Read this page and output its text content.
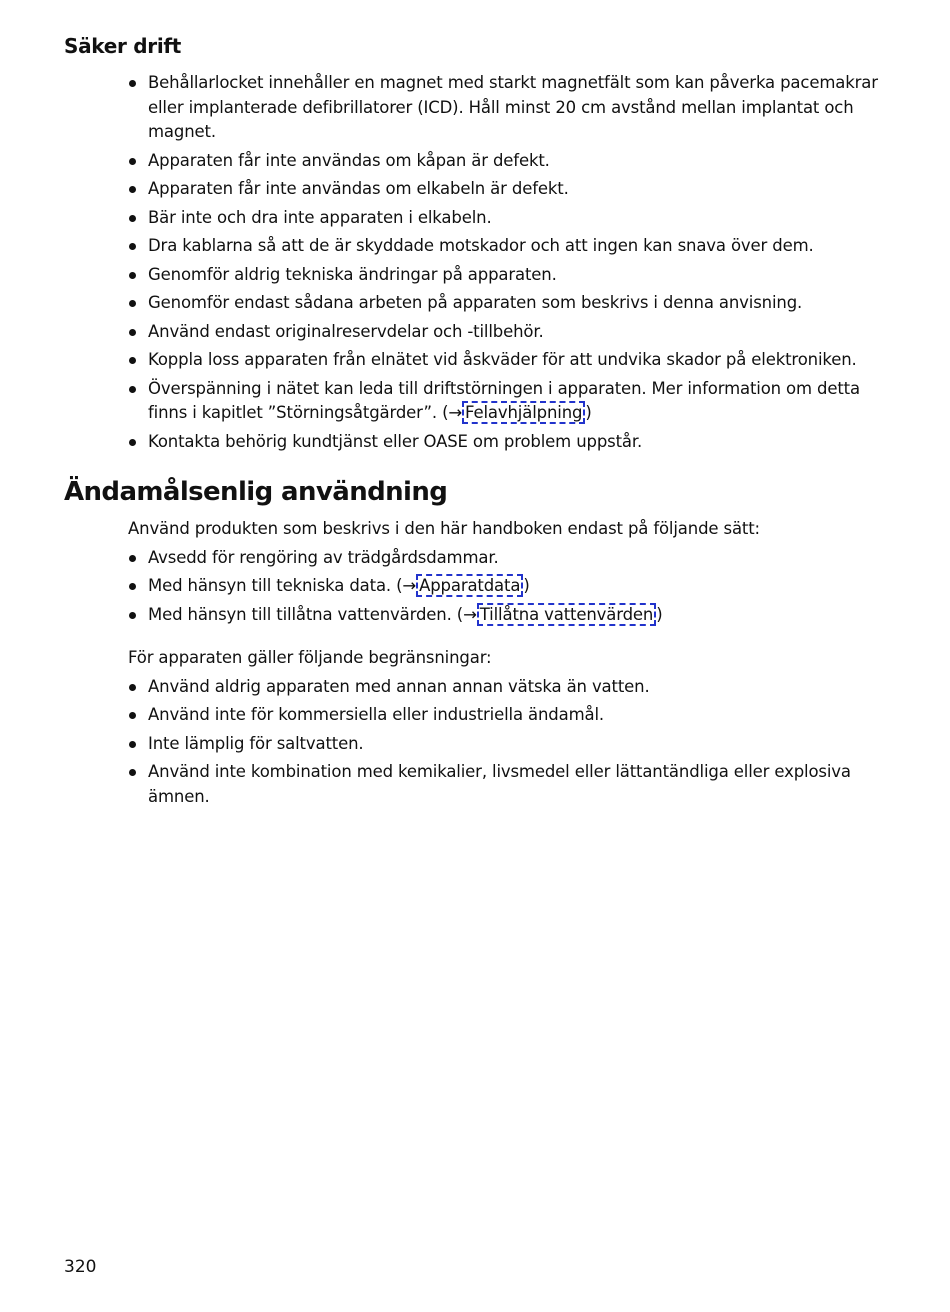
Säker drift
Behållarlocket innehåller en magnet med starkt magnetfält som kan påverka pacemakrar eller implanterade defibrillatorer (ICD). Håll minst 20 cm avstånd mellan implantat och magnet.
Apparaten får inte användas om kåpan är defekt.
Apparaten får inte användas om elkabeln är defekt.
Bär inte och dra inte apparaten i elkabeln.
Dra kablarna så att de är skyddade motskador och att ingen kan snava över dem.
Genomför aldrig tekniska ändringar på apparaten.
Genomför endast sådana arbeten på apparaten som beskrivs i denna anvisning.
Använd endast originalreservdelar och -tillbehör.
Koppla loss apparaten från elnätet vid åskväder för att undvika skador på elektroniken.
Överspänning i nätet kan leda till driftstörningen i apparaten. Mer information om detta finns i kapitlet ”Störningsåtgärder”. (→ Felavhjälpning )
Kontakta behörig kundtjänst eller OASE om problem uppstår.
Ändamålsenlig användning

Använd produkten som beskrivs i den här handboken endast på följande sätt:

Avsedd för rengöring av trädgårdsdammar.
Med hänsyn till tekniska data. (→ Apparatdata )
Med hänsyn till tillåtna vattenvärden. (→ Tillåtna vattenvärden )

För apparaten gäller följande begränsningar:

Använd aldrig apparaten med annan annan vätska än vatten.
Använd inte för kommersiella eller industriella ändamål.
Inte lämplig för saltvatten.
Använd inte kombination med kemikalier, livsmedel eller lättantändliga eller explosiva ämnen.
320
